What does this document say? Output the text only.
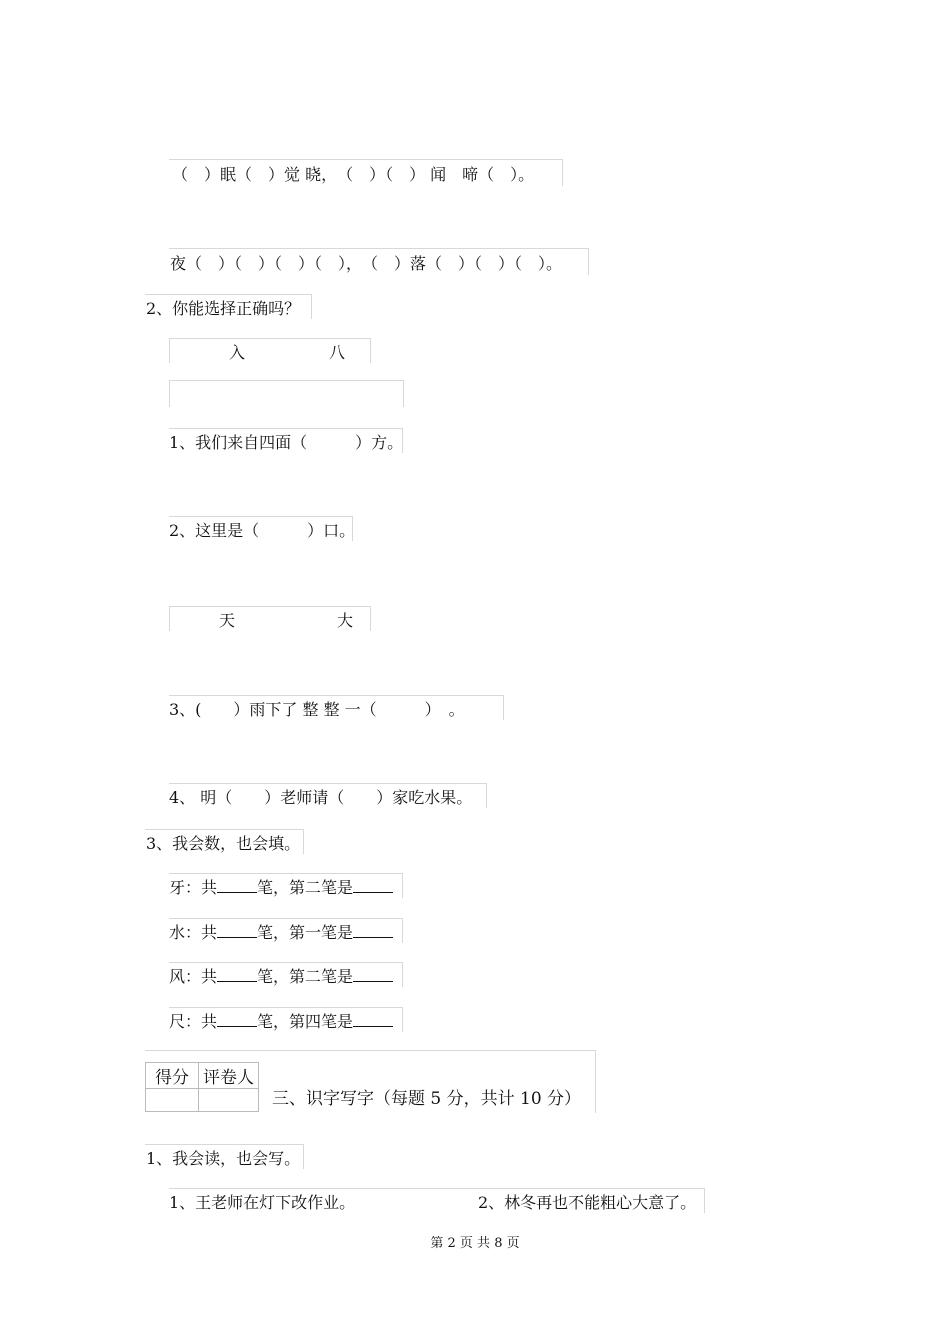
（　）眠（　）觉 晓，　（　）（　） 闻　啼（　）。
夜（　）（　）（　）（　），　（　）落（　）（　）（　）。
2、你能选择正确吗？
入	八
1、我们来自四面（　　　）方。
2、这里是（　　　）口。
天	大
3、(　　）雨下了 整 整 一（　　　）　。
4、 明（　　）老师请（　　）家吃水果。
3、我会数，也会填。
牙：共	笔，第二笔是
水：共	笔，第一笔是
风：共	笔，第二笔是
尺：共	笔，第四笔是
得分	评卷人

三、识字写字（每题 5 分，共计 10 分）
1、我会读，也会写。
1、王老师在灯下改作业。	2、林冬再也不能粗心大意了。
第 2 页 共 8 页
